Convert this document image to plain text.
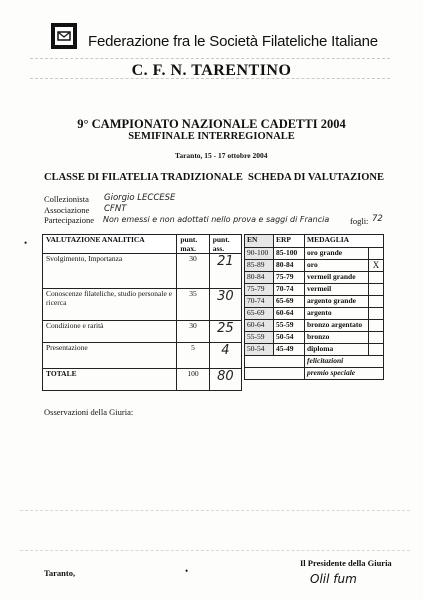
Federazione fra le Società Filateliche Italiane
C. F. N. TARENTINO
9° CAMPIONATO NAZIONALE CADETTI 2004
SEMIFINALE INTERREGIONALE
Taranto, 15 - 17 ottobre 2004
CLASSE DI FILATELIA TRADIZIONALE SCHEDA DI VALUTAZIONE
Collezionista Giorgio LECCESE
Associazione CFNT
Partecipazione Non emessi e non adottati nello prova e saggi di Francia fogli: 72
•	VALUTAZIONE ANALITICA	punt. max.	punt. ass.
Svolgimento, Importanza	30	21
Conoscenze filateliche, studio personale e ricerca	35	30
Condizione e rarità	30	25
Presentazione	5	4
TOTALE	100	80
EN	ERP	MEDAGLIA	
90-100	85-100	oro grande	
85-89	80-84	oro	X
80-84	75-79	vermeil grande	
75-79	70-74	vermeil	
70-74	65-69	argento grande	
65-69	60-64	argento	
60-64	55-59	bronzo argentato	
55-59	50-54	bronzo	
50-54	45-49	diploma	
		felicitazioni	
		premio speciale	
Osservazioni della Giuria:
Taranto,	•
Il Presidente della Giuria
Olil fum
